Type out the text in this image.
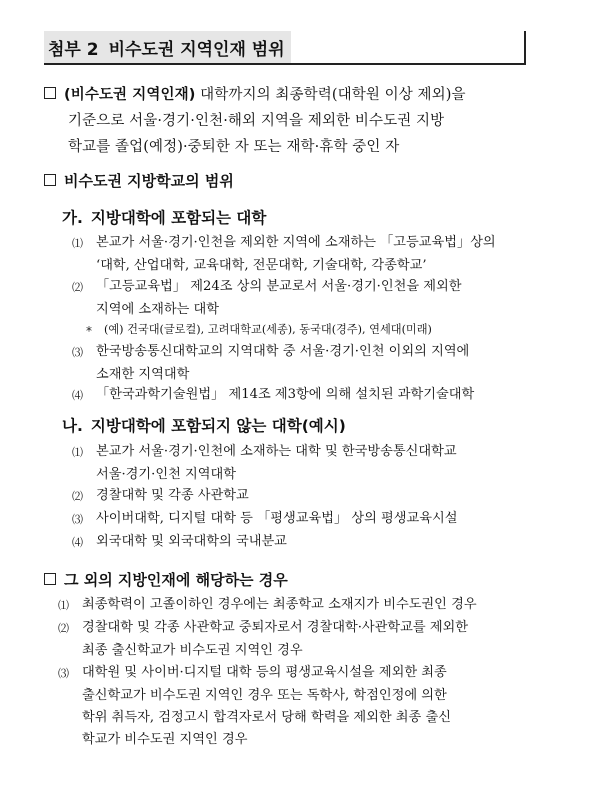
첨부 2 비수도권 지역인재 범위
(비수도권 지역인재) 대학까지의 최종학력(대학원 이상 제외)을
기준으로 서울·경기·인천·해외 지역을 제외한 비수도권 지방
학교를 졸업(예정)·중퇴한 자 또는 재학·휴학 중인 자
비수도권 지방학교의 범위
가. 지방대학에 포함되는 대학
⑴ 본교가 서울·경기·인천을 제외한 지역에 소재하는 「고등교육법」상의
‘대학, 산업대학, 교육대학, 전문대학, 기술대학, 각종학교’
⑵ 「고등교육법」 제24조 상의 분교로서 서울·경기·인천을 제외한
지역에 소재하는 대학
*	(예) 건국대(글로컬), 고려대학교(세종), 동국대(경주), 연세대(미래)
⑶ 한국방송통신대학교의 지역대학 중 서울·경기·인천 이외의 지역에
소재한 지역대학
⑷ 「한국과학기술원법」 제14조 제3항에 의해 설치된 과학기술대학
나. 지방대학에 포함되지 않는 대학(예시)
⑴ 본교가 서울·경기·인천에 소재하는 대학 및 한국방송통신대학교
서울·경기·인천 지역대학
⑵ 경찰대학 및 각종 사관학교
⑶ 사이버대학, 디지털 대학 등 「평생교육법」 상의 평생교육시설
⑷ 외국대학 및 외국대학의 국내분교
그 외의 지방인재에 해당하는 경우
⑴ 최종학력이 고졸이하인 경우에는 최종학교 소재지가 비수도권인 경우
⑵ 경찰대학 및 각종 사관학교 중퇴자로서 경찰대학·사관학교를 제외한
최종 출신학교가 비수도권 지역인 경우
⑶ 대학원 및 사이버·디지털 대학 등의 평생교육시설을 제외한 최종
출신학교가 비수도권 지역인 경우 또는 독학사, 학점인정에 의한
학위 취득자, 검정고시 합격자로서 당해 학력을 제외한 최종 출신
학교가 비수도권 지역인 경우
